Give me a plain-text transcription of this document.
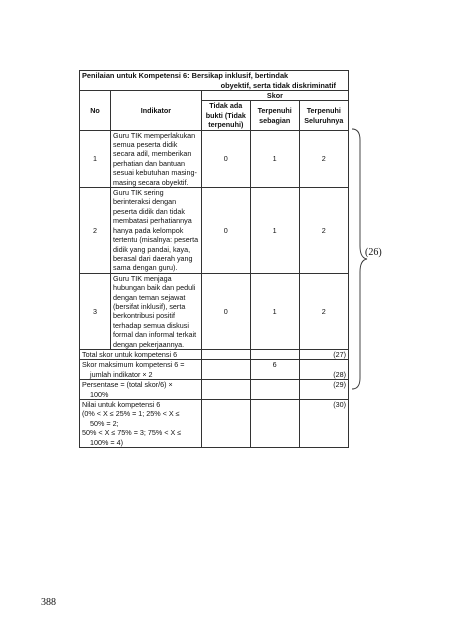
Penilaian untuk Kompetensi 6: Bersikap inklusif, bertindak
obyektif, serta tidak diskriminatif				

No	Indikator	Skor		
		Tidak ada bukti (Tidak terpenuhi)	Terpenuhi sebagian	Terpenuhi Seluruhnya
1	Guru TIK memperlakukan semua peserta didik secara adil, memberikan perhatian dan bantuan sesuai kebutuhan masing-masing secara obyektif.	0	1	2
2	Guru TIK sering berinteraksi dengan peserta didik dan tidak membatasi perhatiannya hanya pada kelompok tertentu (misalnya: peserta didik yang pandai, kaya, berasal dari daerah yang sama dengan guru).	0	1	2
3	Guru TIK menjaga hubungan baik dan peduli dengan teman sejawat (bersifat inklusif), serta berkontribusi positif terhadap semua diskusi formal dan informal terkait dengan pekerjaannya.	0	1	2
Total skor untuk kompetensi 6				(27)
Skor maksimum kompetensi 6 =
jumlah indikator × 2			6	(28)
Persentase = (total skor/6) ×
100%				(29)

Nilai untuk kompetensi 6
(0% < X ≤ 25% = 1; 25% < X ≤
50% = 2;
50% < X ≤ 75% = 3; 75% < X ≤
100% = 4)				(30)
(26)
388
